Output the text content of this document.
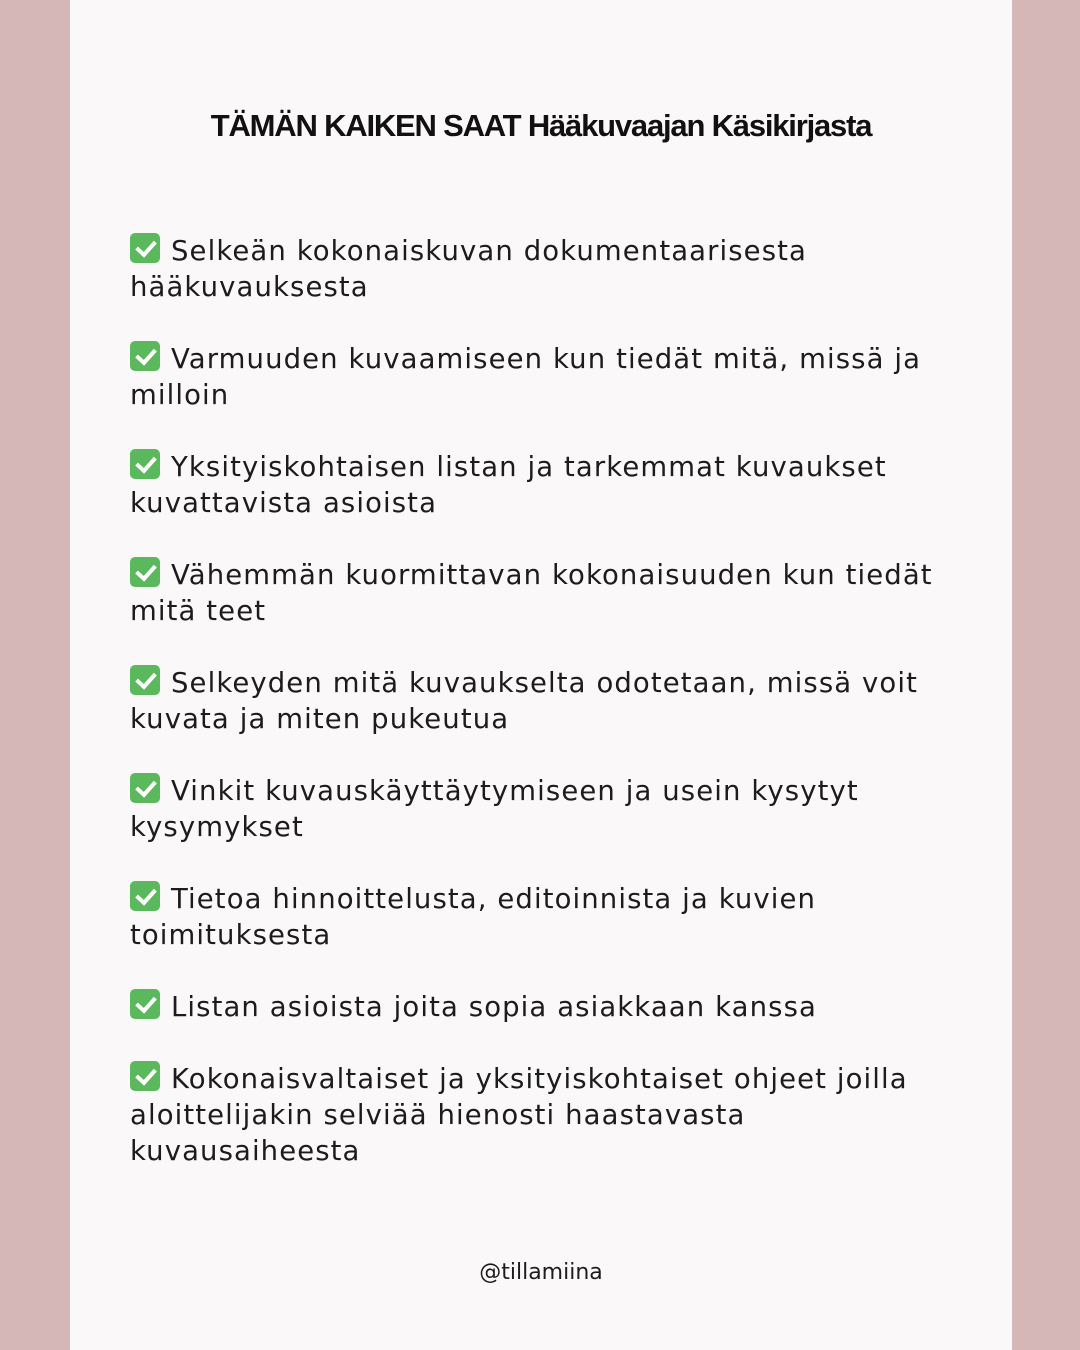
TÄMÄN KAIKEN SAAT Hääkuvaajan Käsikirjasta
Selkeän kokonaiskuvan dokumentaarisesta hääkuvauksesta
Varmuuden kuvaamiseen kun tiedät mitä, missä ja milloin
Yksityiskohtaisen listan ja tarkemmat kuvaukset kuvattavista asioista
Vähemmän kuormittavan kokonaisuuden kun tiedät mitä teet
Selkeyden mitä kuvaukselta odotetaan, missä voit kuvata ja miten pukeutua
Vinkit kuvauskäyttäytymiseen ja usein kysytyt kysymykset
Tietoa hinnoittelusta, editoinnista ja kuvien toimituksesta
Listan asioista joita sopia asiakkaan kanssa
Kokonaisvaltaiset ja yksityiskohtaiset ohjeet joilla aloittelijakin selviää hienosti haastavasta kuvausaiheesta

@tillamiina
